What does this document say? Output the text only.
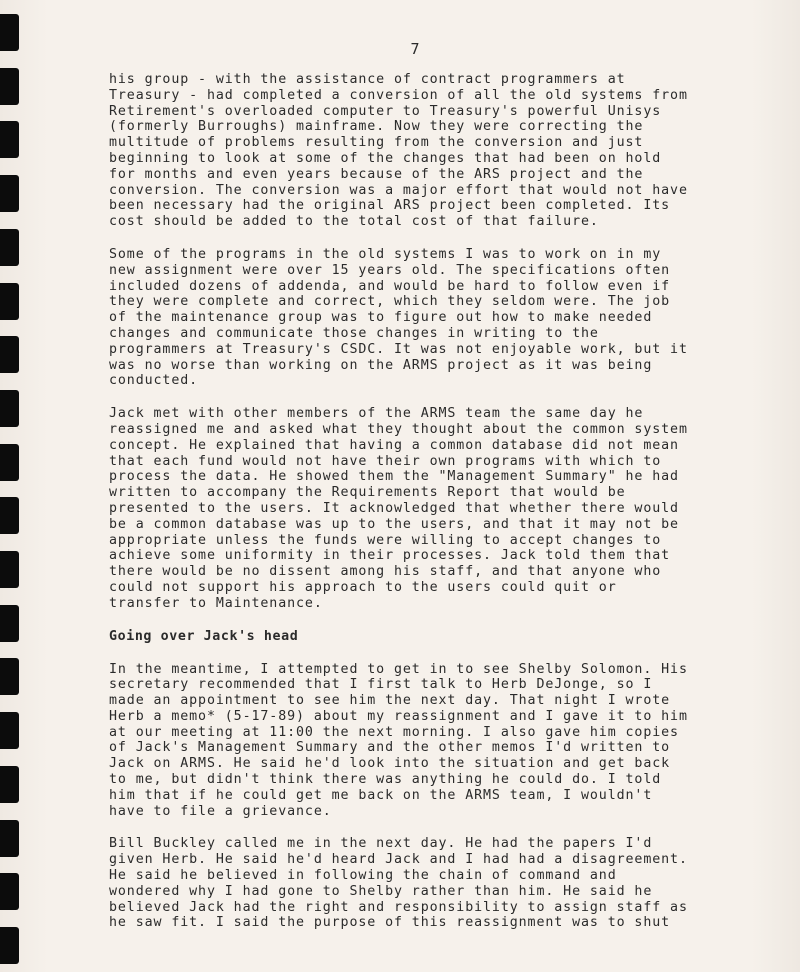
7

his group - with the assistance of contract programmers at
Treasury - had completed a conversion of all the old systems from
Retirement's overloaded computer to Treasury's powerful Unisys
(formerly Burroughs) mainframe. Now they were correcting the
multitude of problems resulting from the conversion and just
beginning to look at some of the changes that had been on hold
for months and even years because of the ARS project and the
conversion. The conversion was a major effort that would not have
been necessary had the original ARS project been completed. Its
cost should be added to the total cost of that failure.

Some of the programs in the old systems I was to work on in my
new assignment were over 15 years old. The specifications often
included dozens of addenda, and would be hard to follow even if
they were complete and correct, which they seldom were. The job
of the maintenance group was to figure out how to make needed
changes and communicate those changes in writing to the
programmers at Treasury's CSDC. It was not enjoyable work, but it
was no worse than working on the ARMS project as it was being
conducted.

Jack met with other members of the ARMS team the same day he
reassigned me and asked what they thought about the common system
concept. He explained that having a common database did not mean
that each fund would not have their own programs with which to
process the data. He showed them the "Management Summary" he had
written to accompany the Requirements Report that would be
presented to the users. It acknowledged that whether there would
be a common database was up to the users, and that it may not be
appropriate unless the funds were willing to accept changes to
achieve some uniformity in their processes. Jack told them that
there would be no dissent among his staff, and that anyone who
could not support his approach to the users could quit or
transfer to Maintenance.

Going over Jack's head

In the meantime, I attempted to get in to see Shelby Solomon. His
secretary recommended that I first talk to Herb DeJonge, so I
made an appointment to see him the next day. That night I wrote
Herb a memo* (5-17-89) about my reassignment and I gave it to him
at our meeting at 11:00 the next morning. I also gave him copies
of Jack's Management Summary and the other memos I'd written to
Jack on ARMS. He said he'd look into the situation and get back
to me, but didn't think there was anything he could do. I told
him that if he could get me back on the ARMS team, I wouldn't
have to file a grievance.

Bill Buckley called me in the next day. He had the papers I'd
given Herb. He said he'd heard Jack and I had had a disagreement.
He said he believed in following the chain of command and
wondered why I had gone to Shelby rather than him. He said he
believed Jack had the right and responsibility to assign staff as
he saw fit. I said the purpose of this reassignment was to shut
